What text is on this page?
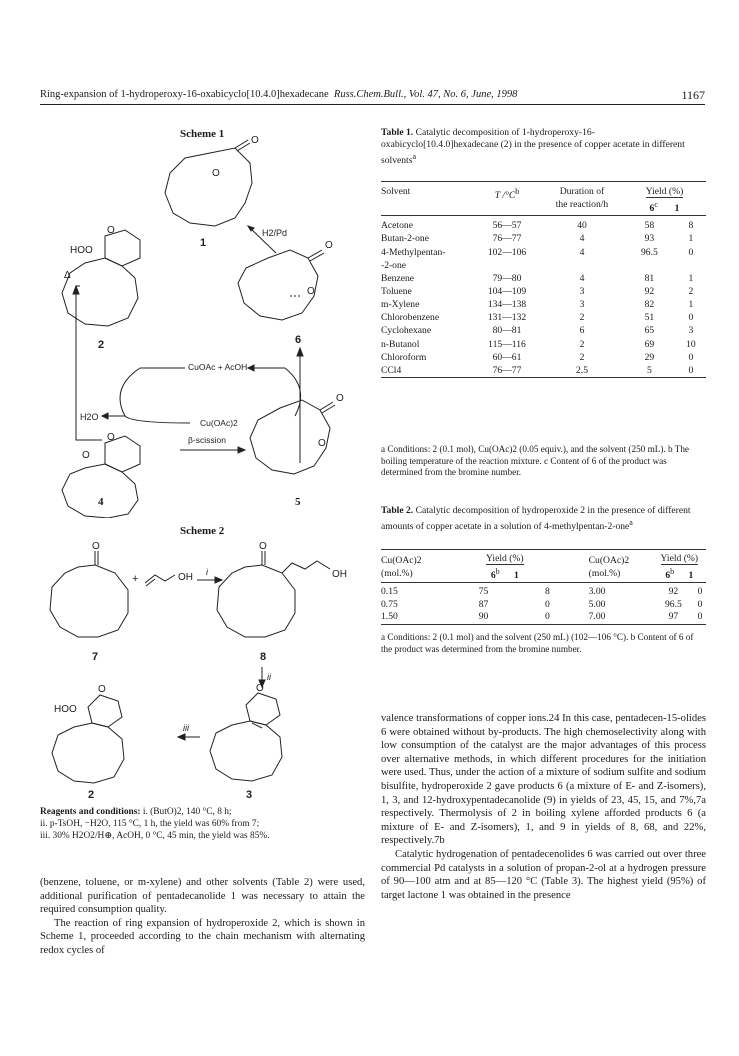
Ring-expansion of 1-hydroperoxy-16-oxabicyclo[10.4.0]hexadecane Russ.Chem.Bull., Vol. 47, No. 6, June, 1998	1167
Scheme 1
O
O
1
O
HOO
2
H2/Pd
O
O
6
Δ
CuOAc + AcOH
Cu(OAc)2
H2O
O
O	β-scission
O
O
4	5
Scheme 2
O
7
+	OH i
O
OH
8
ii
O
3
iii
O
HOO
2
Reagents and conditions: i. (ButO)2, 140 °C, 8 h;
ii. p-TsOH, −H2O, 115 °C, 1 h, the yield was 60% from 7;
iii. 30% H2O2/H⊕, AcOH, 0 °C, 45 min, the yield was 85%.
(benzene, toluene, or m-xylene) and other solvents (Table 2) were used, additional purification of pentadecanolide 1 was necessary to attain the required consumption quality.
The reaction of ring expansion of hydroperoxide 2, which is shown in Scheme 1, proceeded according to the chain mechanism with alternating redox cycles of
Table 1. Catalytic decomposition of 1-hydroperoxy-16-oxabicyclo[10.4.0]hexadecane (2) in the presence of copper acetate in different solvents$^a$
Solvent	T $/^\circ C^b$	Duration of
the reaction/h	Yield (%)
6$^c$ 1	
Acetone	56—57	40	58	8
Butan-2-one	76—77	4	93	1
4-Methylpentan-
-2-one	102—106	4	96.5	0
Benzene	79—80	4	81	1
Toluene	104—109	3	92	2
m-Xylene	134—138	3	82	1
Chlorobenzene	131—132	2	51	0
Cyclohexane	80—81	6	65	3
n-Butanol	115—116	2	69	10
Chloroform	60—61	2	29	0
CCl4	76—77	2.5	5	0
a Conditions: 2 (0.1 mol), Cu(OAc)2 (0.05 equiv.), and the solvent (250 mL). b The boiling temperature of the reaction mixture. c Content of 6 of the product was determined from the bromine number.
Table 2. Catalytic decomposition of hydroperoxide 2 in the presence of different amounts of copper acetate in a solution of 4-methylpentan-2-one$^a$
Cu(OAc)2
(mol.%)	Yield (%)
6$^b$ 1			Cu(OAc)2
(mol.%)	Yield (%)
6$^b$ 1	
0.15	75	8		3.00	92	0
0.75	87	0		5.00	96.5	0
1.50	90	0		7.00	97	0
a Conditions: 2 (0.1 mol) and the solvent (250 mL) (102—106 °C). b Content of 6 of the product was determined from the bromine number.
valence transformations of copper ions.24 In this case, pentadecen-15-olides 6 were obtained without by-products. The high chemoselectivity along with low consumption of the catalyst are the major advantages of this process over alternative methods, in which different procedures for the initiation were used. Thus, under the action of a mixture of sodium sulfite and sodium bisulfite, hydroperoxide 2 gave products 6 (a mixture of E- and Z-isomers), 1, 3, and 12-hydroxypentadecanolide (9) in yields of 23, 45, 15, and 7%,7a respectively. Thermolysis of 2 in boiling xylene afforded products 6 (a mixture of E- and Z-isomers), 1, and 9 in yields of 8, 68, and 22%, respectively.7b
Catalytic hydrogenation of pentadecenolides 6 was carried out over three commercial Pd catalysts in a solution of propan-2-ol at a hydrogen pressure of 90—100 atm and at 85—120 °C (Table 3). The highest yield (95%) of target lactone 1 was obtained in the presence
